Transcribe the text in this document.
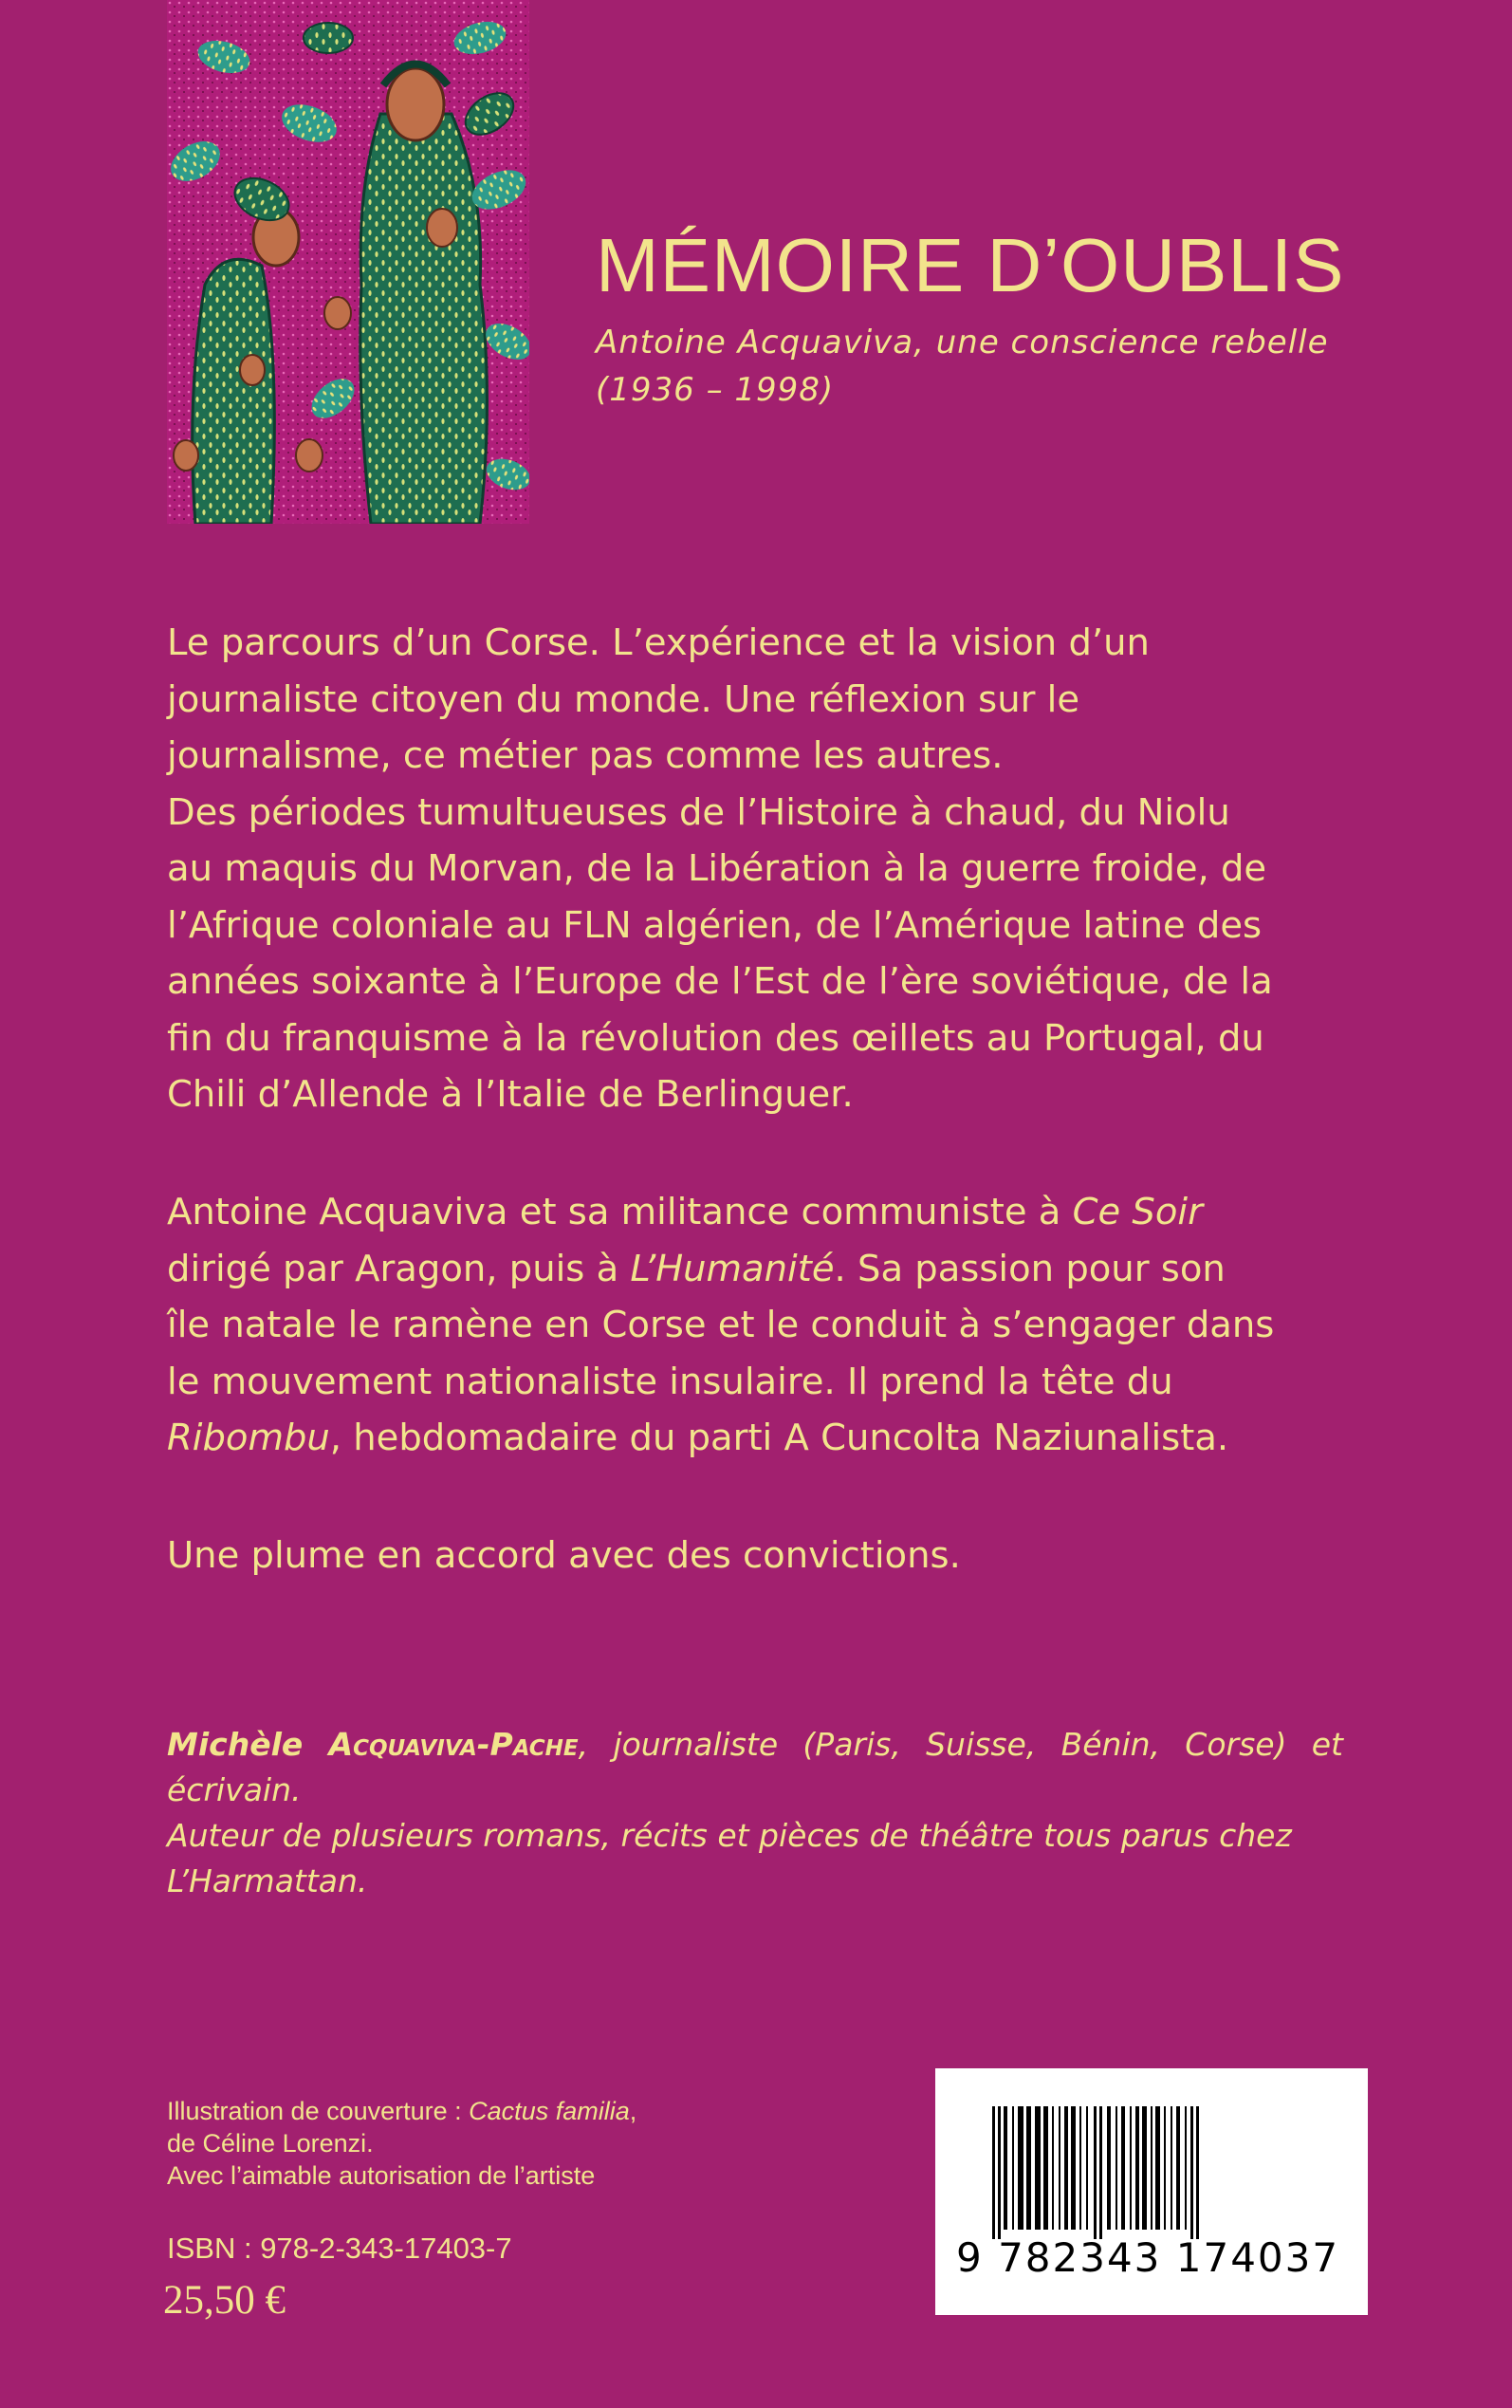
MÉMOIRE D’OUBLIS
Antoine Acquaviva, une conscience rebelle
(1936 – 1998)
Le parcours d’un Corse. L’expérience et la vision d’un
journaliste citoyen du monde. Une réflexion sur le
journalisme, ce métier pas comme les autres.
Des périodes tumultueuses de l’Histoire à chaud, du Niolu
au maquis du Morvan, de la Libération à la guerre froide, de
l’Afrique coloniale au FLN algérien, de l’Amérique latine des
années soixante à l’Europe de l’Est de l’ère soviétique, de la
fin du franquisme à la révolution des œillets au Portugal, du
Chili d’Allende à l’Italie de Berlinguer.
Antoine Acquaviva et sa militance communiste à Ce Soir
dirigé par Aragon, puis à L’Humanité. Sa passion pour son
île natale le ramène en Corse et le conduit à s’engager dans
le mouvement nationaliste insulaire. Il prend la tête du
Ribombu, hebdomadaire du parti A Cuncolta Naziunalista.
Une plume en accord avec des convictions.
Michèle Acquaviva-Pache, journaliste (Paris, Suisse, Bénin, Corse) et écrivain.
Auteur de plusieurs romans, récits et pièces de théâtre tous parus chez
L’Harmattan.
Illustration de couverture : Cactus familia,
de Céline Lorenzi.
Avec l’aimable autorisation de l’artiste
ISBN : 978-2-343-17403-7
25,50 €
9 782343 174037
